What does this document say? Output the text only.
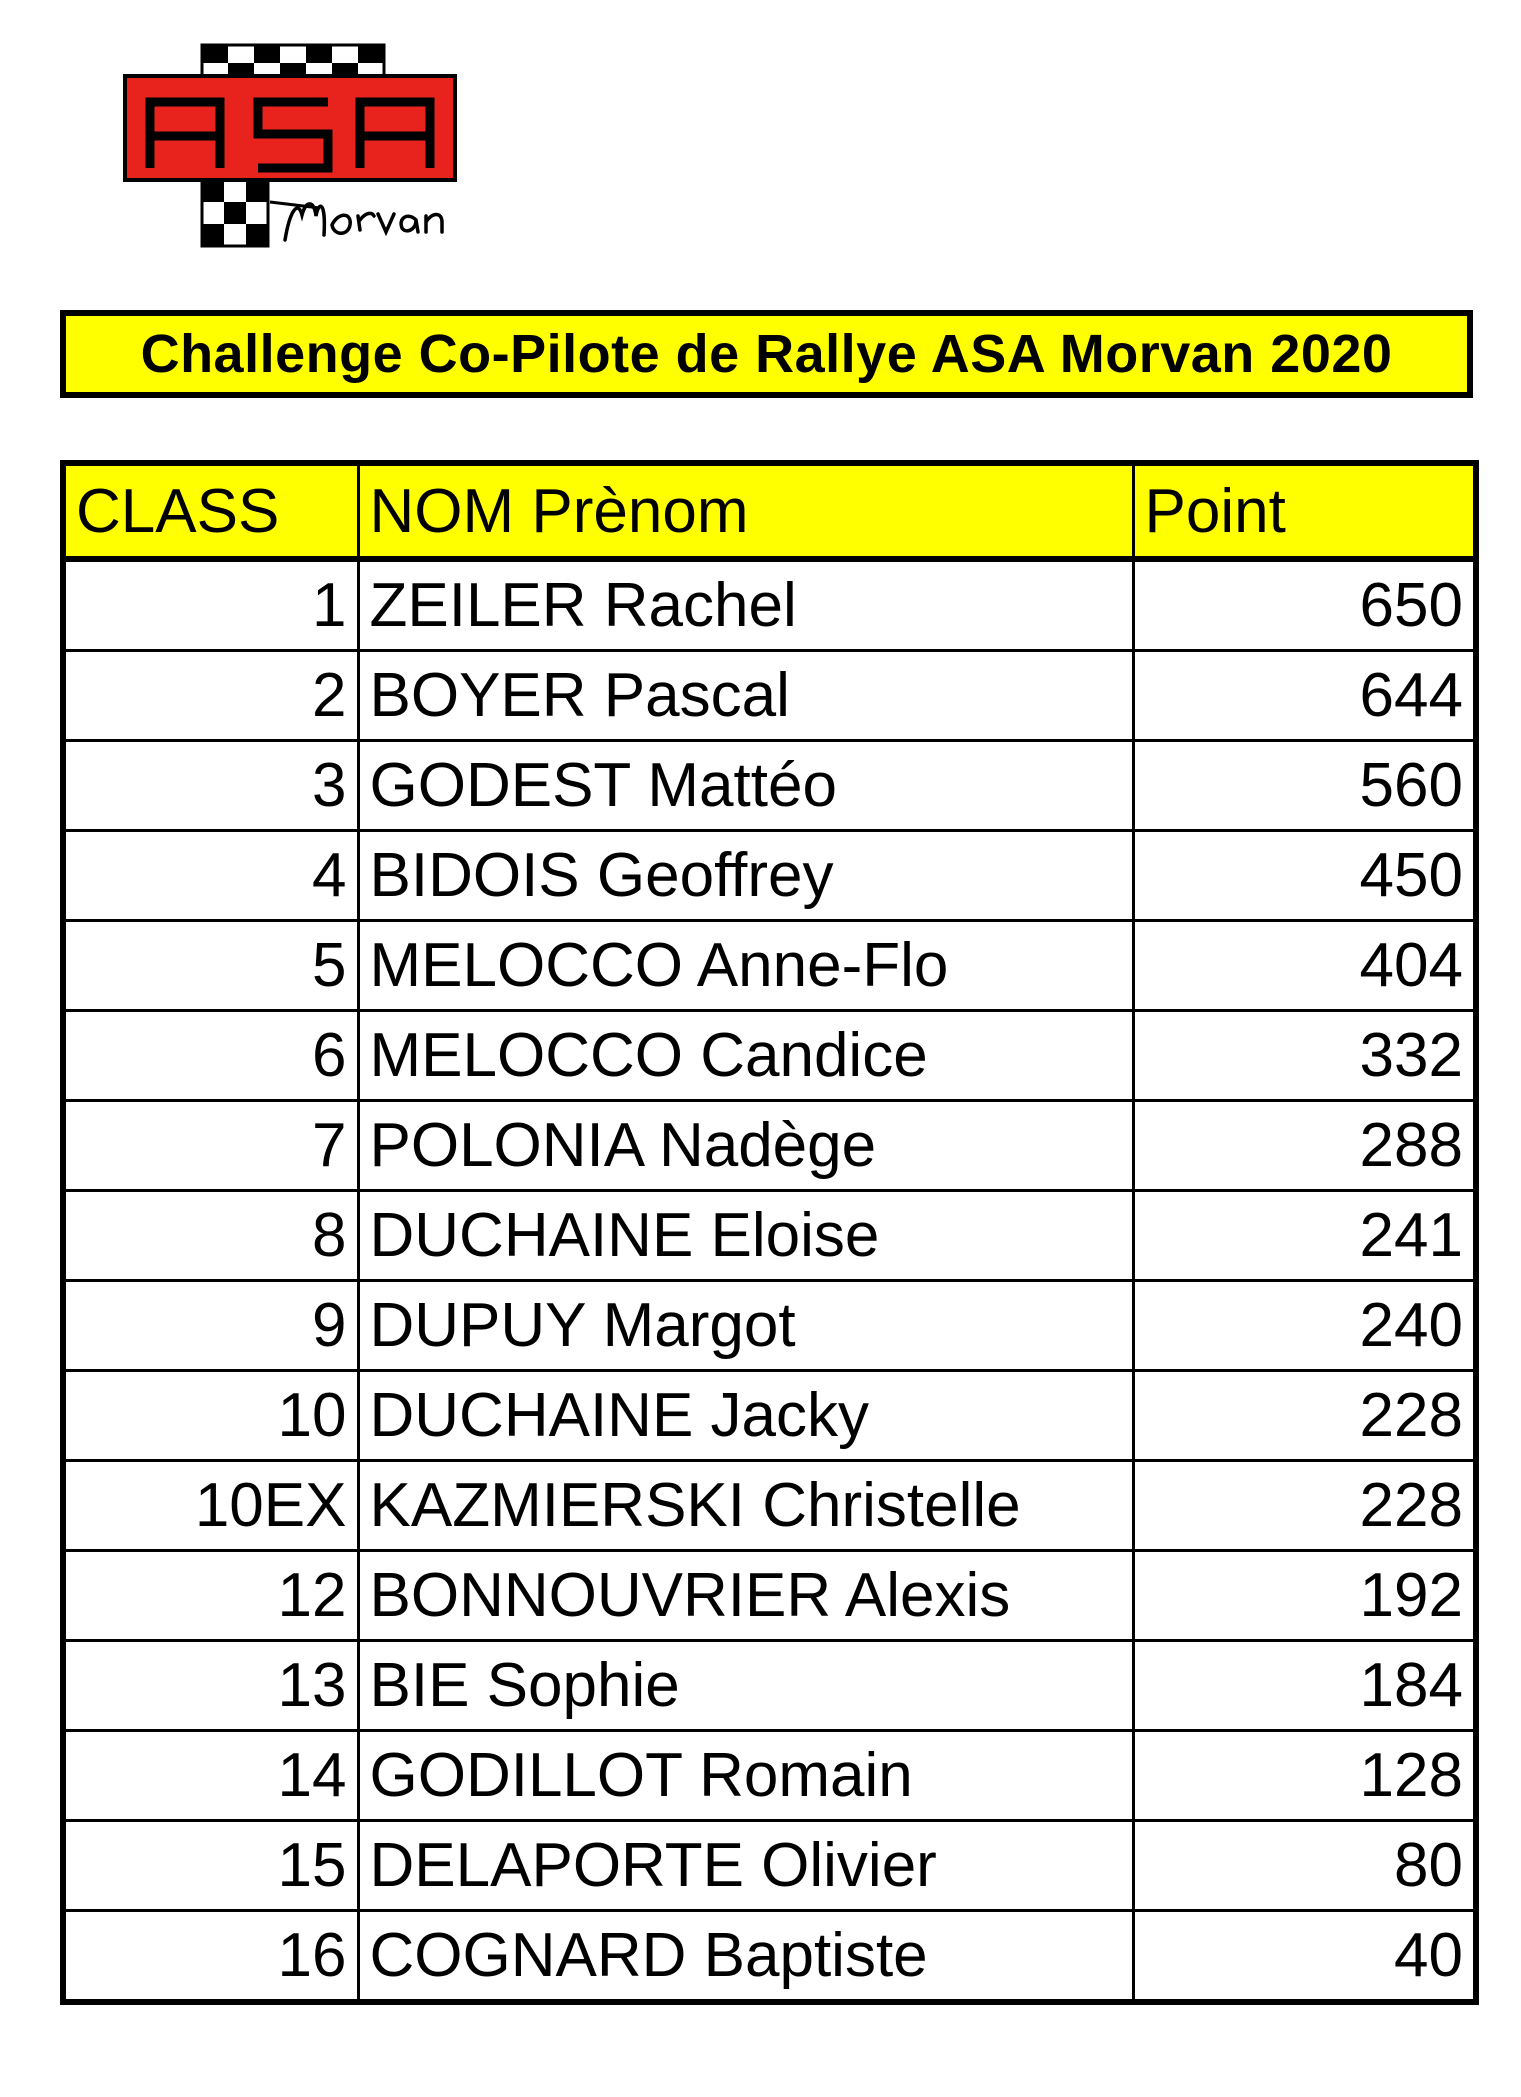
Challenge Co-Pilote de Rallye ASA Morvan 2020
CLASS	NOM Prènom	Point
1	ZEILER Rachel	650
2	BOYER Pascal	644
3	GODEST Mattéo	560
4	BIDOIS Geoffrey	450
5	MELOCCO Anne-Flo	404
6	MELOCCO Candice	332
7	POLONIA Nadège	288
8	DUCHAINE Eloise	241
9	DUPUY Margot	240
10	DUCHAINE Jacky	228
10EX	KAZMIERSKI Christelle	228
12	BONNOUVRIER Alexis	192
13	BIE Sophie	184
14	GODILLOT Romain	128
15	DELAPORTE Olivier	80
16	COGNARD Baptiste	40
